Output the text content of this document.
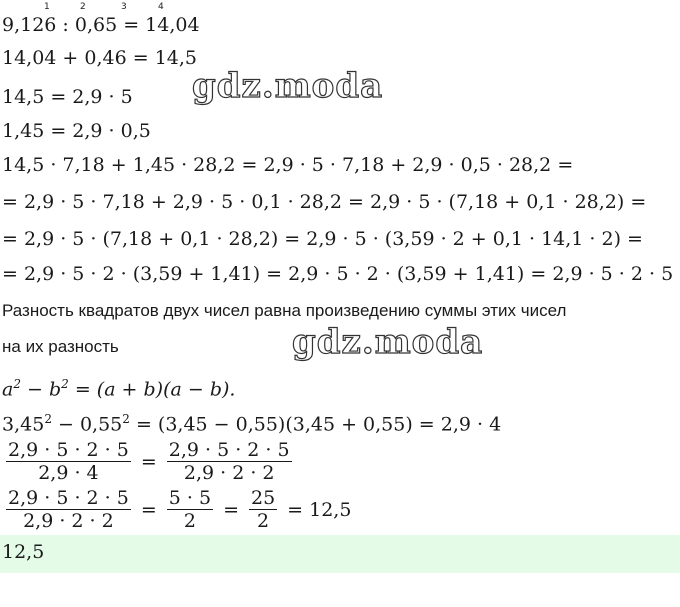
1	2	3	4
9,126 : 0,65 = 14,04
14,04 + 0,46 = 14,5
14,5 = 2,9 · 5
1,45 = 2,9 · 0,5
14,5 · 7,18 + 1,45 · 28,2 = 2,9 · 5 · 7,18 + 2,9 · 0,5 · 28,2 =
= 2,9 · 5 · 7,18 + 2,9 · 5 · 0,1 · 28,2 = 2,9 · 5 · (7,18 + 0,1 · 28,2) =
= 2,9 · 5 · (7,18 + 0,1 · 28,2) = 2,9 · 5 · (3,59 · 2 + 0,1 · 14,1 · 2) =
= 2,9 · 5 · 2 · (3,59 + 1,41) = 2,9 · 5 · 2 · (3,59 + 1,41) = 2,9 · 5 · 2 · 5
gdz.moda
Разность квадратов двух чисел равна произведению суммы этих чисел
на их разность	gdz.moda
$a^2 - b^2 = (a + b)(a - b)$.
$3,45^2 - 0,55^2 = (3,45 - 0,55)(3,45 + 0,55) = 2,9 \cdot 4$
$\frac{2,9 \cdot 5 \cdot 2 \cdot 5}{2,9 \cdot 4} = \frac{2,9 \cdot 5 \cdot 2 \cdot 5}{2,9 \cdot 2 \cdot 2}$
$\frac{2,9 \cdot 5 \cdot 2 \cdot 5}{2,9 \cdot 2 \cdot 2} = \frac{5 \cdot 5}{2} = \frac{25}{2} = 12,5$
12,5
